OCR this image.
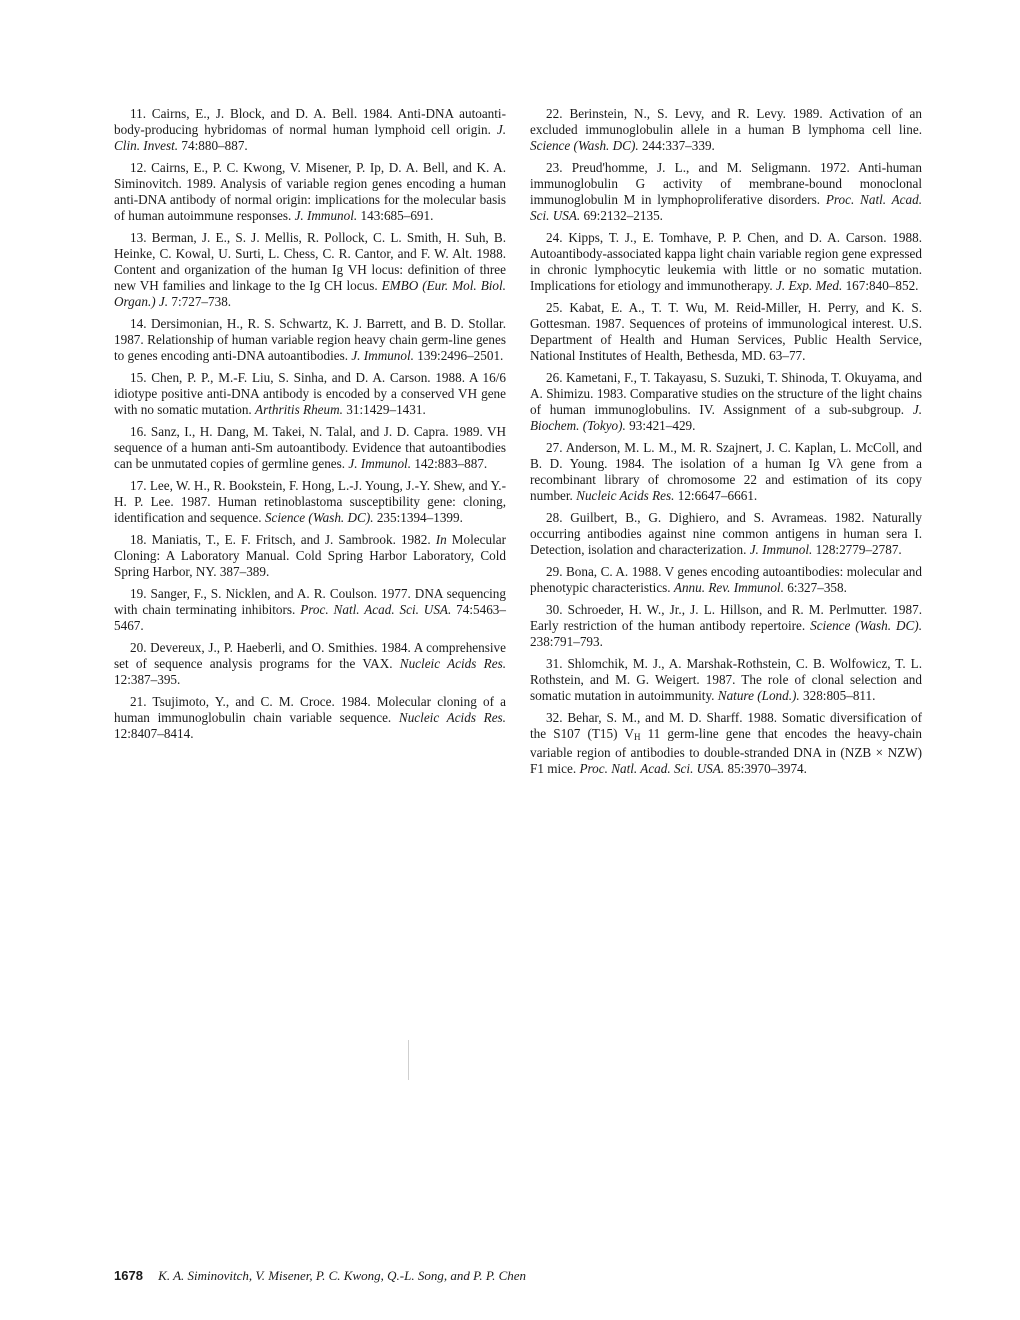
11. Cairns, E., J. Block, and D. A. Bell. 1984. Anti-DNA autoanti-body-producing hybridomas of normal human lymphoid cell origin. J. Clin. Invest. 74:880–887.

12. Cairns, E., P. C. Kwong, V. Misener, P. Ip, D. A. Bell, and K. A. Siminovitch. 1989. Analysis of variable region genes encoding a human anti-DNA antibody of normal origin: implications for the molecular basis of human autoimmune responses. J. Immunol. 143:685–691.

13. Berman, J. E., S. J. Mellis, R. Pollock, C. L. Smith, H. Suh, B. Heinke, C. Kowal, U. Surti, L. Chess, C. R. Cantor, and F. W. Alt. 1988. Content and organization of the human Ig VH locus: definition of three new VH families and linkage to the Ig CH locus. EMBO (Eur. Mol. Biol. Organ.) J. 7:727–738.

14. Dersimonian, H., R. S. Schwartz, K. J. Barrett, and B. D. Stollar. 1987. Relationship of human variable region heavy chain germ-line genes to genes encoding anti-DNA autoantibodies. J. Immunol. 139:2496–2501.

15. Chen, P. P., M.-F. Liu, S. Sinha, and D. A. Carson. 1988. A 16/6 idiotype positive anti-DNA antibody is encoded by a conserved VH gene with no somatic mutation. Arthritis Rheum. 31:1429–1431.

16. Sanz, I., H. Dang, M. Takei, N. Talal, and J. D. Capra. 1989. VH sequence of a human anti-Sm autoantibody. Evidence that autoantibodies can be unmutated copies of germline genes. J. Immunol. 142:883–887.

17. Lee, W. H., R. Bookstein, F. Hong, L.-J. Young, J.-Y. Shew, and Y.-H. P. Lee. 1987. Human retinoblastoma susceptibility gene: cloning, identification and sequence. Science (Wash. DC). 235:1394–1399.

18. Maniatis, T., E. F. Fritsch, and J. Sambrook. 1982. In Molecular Cloning: A Laboratory Manual. Cold Spring Harbor Laboratory, Cold Spring Harbor, NY. 387–389.

19. Sanger, F., S. Nicklen, and A. R. Coulson. 1977. DNA sequencing with chain terminating inhibitors. Proc. Natl. Acad. Sci. USA. 74:5463–5467.

20. Devereux, J., P. Haeberli, and O. Smithies. 1984. A comprehensive set of sequence analysis programs for the VAX. Nucleic Acids Res. 12:387–395.

21. Tsujimoto, Y., and C. M. Croce. 1984. Molecular cloning of a human immunoglobulin chain variable sequence. Nucleic Acids Res. 12:8407–8414.

22. Berinstein, N., S. Levy, and R. Levy. 1989. Activation of an excluded immunoglobulin allele in a human B lymphoma cell line. Science (Wash. DC). 244:337–339.

23. Preud'homme, J. L., and M. Seligmann. 1972. Anti-human immunoglobulin G activity of membrane-bound monoclonal immunoglobulin M in lymphoproliferative disorders. Proc. Natl. Acad. Sci. USA. 69:2132–2135.

24. Kipps, T. J., E. Tomhave, P. P. Chen, and D. A. Carson. 1988. Autoantibody-associated kappa light chain variable region gene expressed in chronic lymphocytic leukemia with little or no somatic mutation. Implications for etiology and immunotherapy. J. Exp. Med. 167:840–852.

25. Kabat, E. A., T. T. Wu, M. Reid-Miller, H. Perry, and K. S. Gottesman. 1987. Sequences of proteins of immunological interest. U.S. Department of Health and Human Services, Public Health Service, National Institutes of Health, Bethesda, MD. 63–77.

26. Kametani, F., T. Takayasu, S. Suzuki, T. Shinoda, T. Okuyama, and A. Shimizu. 1983. Comparative studies on the structure of the light chains of human immunoglobulins. IV. Assignment of a sub-subgroup. J. Biochem. (Tokyo). 93:421–429.

27. Anderson, M. L. M., M. R. Szajnert, J. C. Kaplan, L. McColl, and B. D. Young. 1984. The isolation of a human Ig Vλ gene from a recombinant library of chromosome 22 and estimation of its copy number. Nucleic Acids Res. 12:6647–6661.

28. Guilbert, B., G. Dighiero, and S. Avrameas. 1982. Naturally occurring antibodies against nine common antigens in human sera I. Detection, isolation and characterization. J. Immunol. 128:2779–2787.

29. Bona, C. A. 1988. V genes encoding autoantibodies: molecular and phenotypic characteristics. Annu. Rev. Immunol. 6:327–358.

30. Schroeder, H. W., Jr., J. L. Hillson, and R. M. Perlmutter. 1987. Early restriction of the human antibody repertoire. Science (Wash. DC). 238:791–793.

31. Shlomchik, M. J., A. Marshak-Rothstein, C. B. Wolfowicz, T. L. Rothstein, and M. G. Weigert. 1987. The role of clonal selection and somatic mutation in autoimmunity. Nature (Lond.). 328:805–811.

32. Behar, S. M., and M. D. Sharff. 1988. Somatic diversification of the S107 (T15) $V_H$ 11 germ-line gene that encodes the heavy-chain variable region of antibodies to double-stranded DNA in (NZB × NZW) F1 mice. Proc. Natl. Acad. Sci. USA. 85:3970–3974.

1678 K. A. Siminovitch, V. Misener, P. C. Kwong, Q.-L. Song, and P. P. Chen
